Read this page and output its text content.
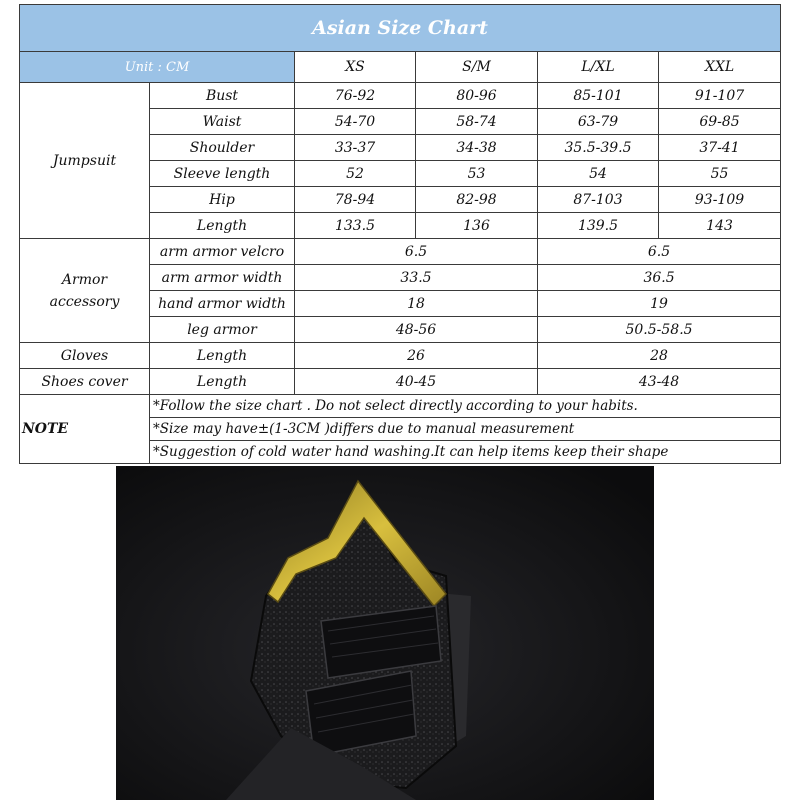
Asian Size Chart					
Unit : CM		XS	S/M	L/XL	XXL
Jumpsuit	Bust	76-92	80-96	85-101	91-107
	Waist	54-70	58-74	63-79	69-85
	Shoulder	33-37	34-38	35.5-39.5	37-41
	Sleeve length	52	53	54	55
	Hip	78-94	82-98	87-103	93-109
	Length	133.5	136	139.5	143
Armor
accessory	arm armor velcro	6.5		6.5	
	arm armor width	33.5		36.5	
	hand armor width	18		19	
	leg armor	48-56		50.5-58.5	
Gloves	Length	26		28	
Shoes cover	Length	40-45		43-48	
NOTE	*Follow the size chart . Do not select directly according to your habits.				
	*Size may have±(1-3CM )differs due to manual measurement				
	*Suggestion of cold water hand washing.It can help items keep their shape				
